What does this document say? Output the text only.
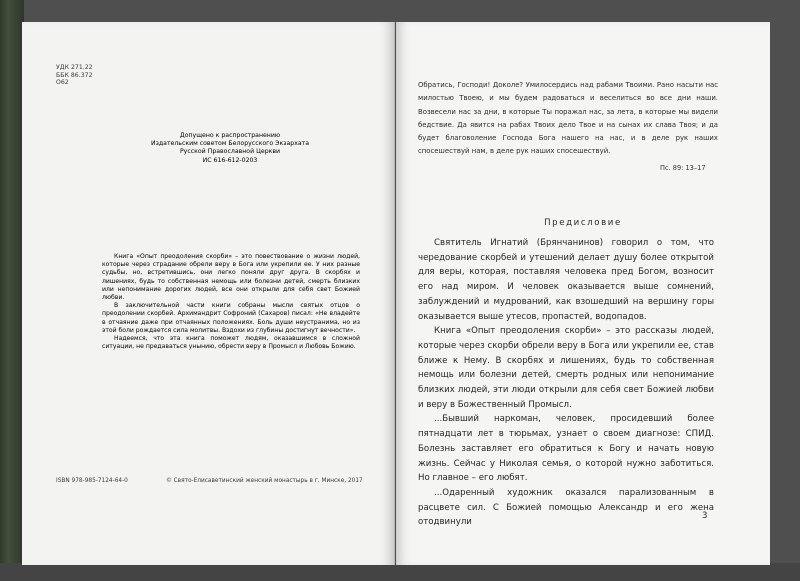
УДК 271.22
ББК 86.372
О62
Допущено к распространению
Издательским советом Белорусского Экзархата
Русской Православной Церкви
ИС 616-612-0203

Книга «Опыт преодоления скорби» – это повествование о жизни людей, которые через страдание обрели веру в Бога или укрепили ее. У них разные судьбы, но, встретившись, они легко поняли друг друга. В скорбях и лишениях, будь то собственная немощь или болезни детей, смерть близких или непонимание дорогих людей, все они открыли для себя свет Божией любви.

В заключительной части книги собраны мысли святых отцов о преодолении скорбей. Архимандрит Софроний (Сахаров) писал: «Не владейте в отчаяние даже при отчаянных положениях. Боль души неустранима, но из этой боли рождается сила молитвы. Вздохи из глубины достигнут вечности».

Надеемся, что эта книга поможет людям, оказавшимся в сложной ситуации, не предаваться унынию, обрести веру в Промысл и Любовь Божию.

ISBN 978-985-7124-64-0	© Свято-Елисаветинский женский монастырь в г. Минске, 2017
Обратись, Господи! Доколе? Умилосердись над рабами Твоими. Рано насыти нас милостью Твоею, и мы будем радоваться и веселиться во все дни наши. Возвесели нас за дни, в которые Ты поражал нас, за лета, в которые мы видели бедствие. Да явится на рабах Твоих дело Твое и на сынах их слава Твоя; и да будет благоволение Господа Бога нашего на нас, и в деле рук наших спосешествуй нам, в деле рук наших спосешествуй.
Пс. 89: 13–17
Предисловие

Святитель Игнатий (Брянчанинов) говорил о том, что чередование скорбей и утешений делает душу более открытой для веры, которая, поставляя человека пред Богом, возносит его над миром. И человек оказывается выше сомнений, заблуждений и мудрований, как взошедший на вершину горы оказывается выше утесов, пропастей, водопадов.

Книга «Опыт преодоления скорби» – это рассказы людей, которые через скорби обрели веру в Бога или укрепили ее, став ближе к Нему. В скорбях и лишениях, будь то собственная немощь или болезни детей, смерть родных или непонимание близких людей, эти люди открыли для себя свет Божией любви и веру в Божественный Промысл.

...Бывший наркоман, человек, просидевший более пятнадцати лет в тюрьмах, узнает о своем диагнозе: СПИД. Болезнь заставляет его обратиться к Богу и начать новую жизнь. Сейчас у Николая семья, о которой нужно заботиться. Но главное – его любят.

...Одаренный художник оказался парализованным в расцвете сил. С Божией помощью Александр и его жена отодвинули

3
